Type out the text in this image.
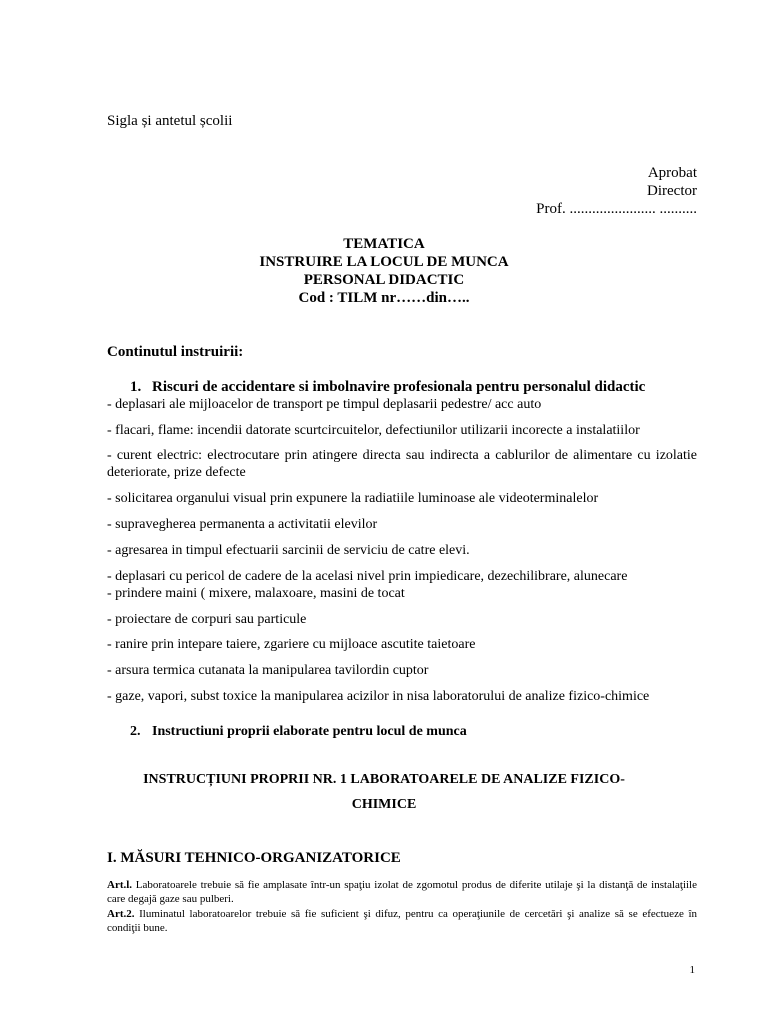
Sigla și antetul școlii
Aprobat
Director
Prof. ....................... ..........
TEMATICA
INSTRUIRE LA LOCUL DE MUNCA
PERSONAL DIDACTIC
Cod : TILM nr……din…..
Continutul instruirii:
1. Riscuri de accidentare si imbolnavire profesionala pentru personalul didactic
- deplasari ale mijloacelor de transport pe timpul deplasarii pedestre/ acc auto
- flacari, flame: incendii datorate scurtcircuitelor, defectiunilor utilizarii incorecte a instalatiilor
- curent electric: electrocutare prin atingere directa sau indirecta a cablurilor de alimentare cu izolatie deteriorate, prize defecte
- solicitarea organului visual prin expunere la radiatiile luminoase ale videoterminalelor
- supravegherea permanenta a activitatii elevilor
- agresarea in timpul efectuarii sarcinii de serviciu de catre elevi.
- deplasari cu pericol de cadere de la acelasi nivel prin impiedicare, dezechilibrare, alunecare
- prindere maini ( mixere, malaxoare, masini de tocat
- proiectare de corpuri sau particule
- ranire prin intepare taiere, zgariere cu mijloace ascutite taietoare
- arsura termica cutanata la manipularea tavilordin cuptor
- gaze, vapori, subst toxice la manipularea acizilor in nisa laboratorului de analize fizico-chimice
2. Instructiuni proprii elaborate pentru locul de munca
INSTRUCȚIUNI PROPRII NR. 1 LABORATOARELE DE ANALIZE FIZICO-
CHIMICE
I. MĂSURI TEHNICO-ORGANIZATORICE
Art.l. Laboratoarele trebuie să fie amplasate într-un spaţiu izolat de zgomotul produs de diferite utilaje şi la distanţă de instalaţiile care degajă gaze sau pulberi.
Art.2. Iluminatul laboratoarelor trebuie să fie suficient şi difuz, pentru ca operaţiunile de cercetări şi analize să se efectueze în condiţii bune.
1
